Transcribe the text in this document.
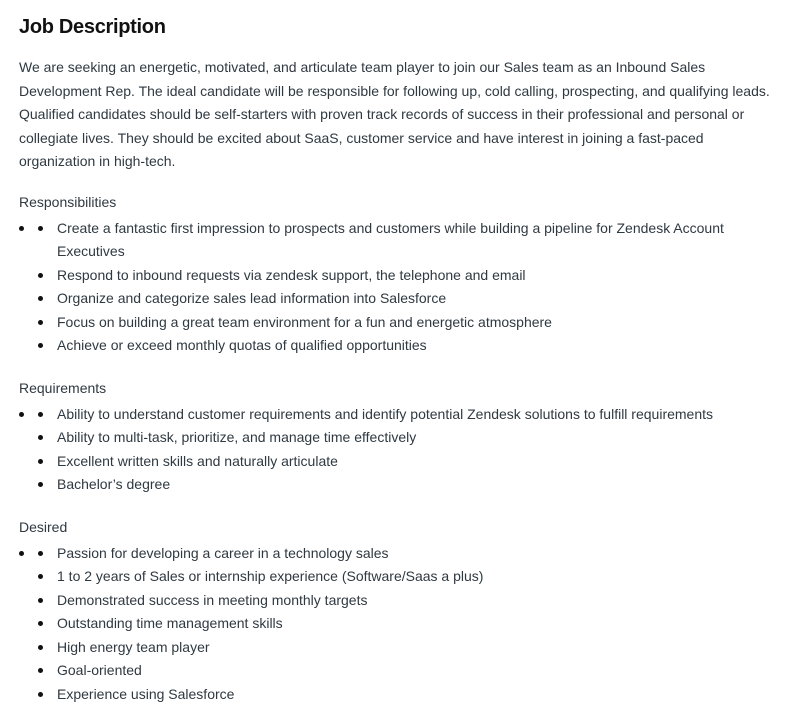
Job Description

We are seeking an energetic, motivated, and articulate team player to join our Sales team as an Inbound Sales Development Rep. The ideal candidate will be responsible for following up, cold calling, prospecting, and qualifying leads. Qualified candidates should be self-starters with proven track records of success in their professional and personal or collegiate lives. They should be excited about SaaS, customer service and have interest in joining a fast-paced organization in high-tech.

Responsibilities
Create a fantastic first impression to prospects and customers while building a pipeline for Zendesk Account Executives
Respond to inbound requests via zendesk support, the telephone and email
Organize and categorize sales lead information into Salesforce
Focus on building a great team environment for a fun and energetic atmosphere
Achieve or exceed monthly quotas of qualified opportunities
Requirements
Ability to understand customer requirements and identify potential Zendesk solutions to fulfill requirements
Ability to multi-task, prioritize, and manage time effectively
Excellent written skills and naturally articulate
Bachelor’s degree
Desired
Passion for developing a career in a technology sales
1 to 2 years of Sales or internship experience (Software/Saas a plus)
Demonstrated success in meeting monthly targets
Outstanding time management skills
High energy team player
Goal-oriented
Experience using Salesforce
